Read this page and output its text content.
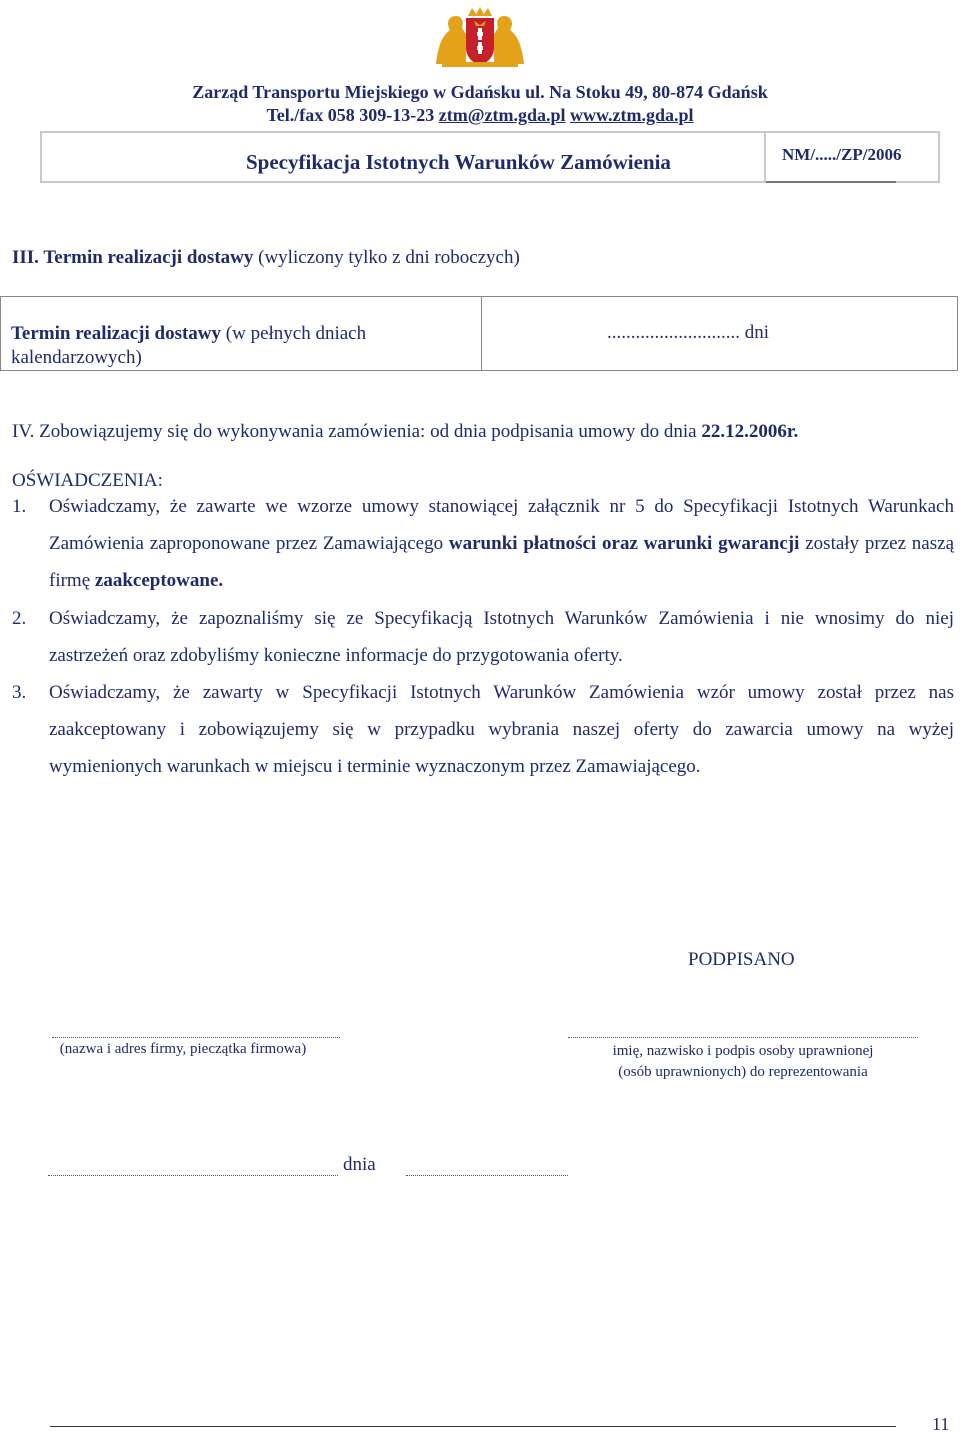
Zarząd Transportu Miejskiego w Gdańsku ul. Na Stoku 49, 80-874 Gdańsk
Tel./fax 058 309-13-23 ztm@ztm.gda.pl www.ztm.gda.pl
Specyfikacja Istotnych Warunków Zamówienia	NM/...../ZP/2006
III. Termin realizacji dostawy (wyliczony tylko z dni roboczych)
Termin realizacji dostawy (w pełnych dniach kalendarzowych)
............................ dni
IV. Zobowiązujemy się do wykonywania zamówienia: od dnia podpisania umowy do dnia 22.12.2006r.
OŚWIADCZENIA:
1. Oświadczamy, że zawarte we wzorze umowy stanowiącej załącznik nr 5 do Specyfikacji Istotnych Warunkach Zamówienia zaproponowane przez Zamawiającego warunki płatności oraz warunki gwarancji zostały przez naszą firmę zaakceptowane.
2. Oświadczamy, że zapoznaliśmy się ze Specyfikacją Istotnych Warunków Zamówienia i nie wnosimy do niej zastrzeżeń oraz zdobyliśmy konieczne informacje do przygotowania oferty.
3. Oświadczamy, że zawarty w Specyfikacji Istotnych Warunków Zamówienia wzór umowy został przez nas zaakceptowany i zobowiązujemy się w przypadku wybrania naszej oferty do zawarcia umowy na wyżej wymienionych warunkach w miejscu i terminie wyznaczonym przez Zamawiającego.
PODPISANO
(nazwa i adres firmy, pieczątka firmowa)	imię, nazwisko i podpis osoby uprawnionej
(osób uprawnionych) do reprezentowania
dnia
11
